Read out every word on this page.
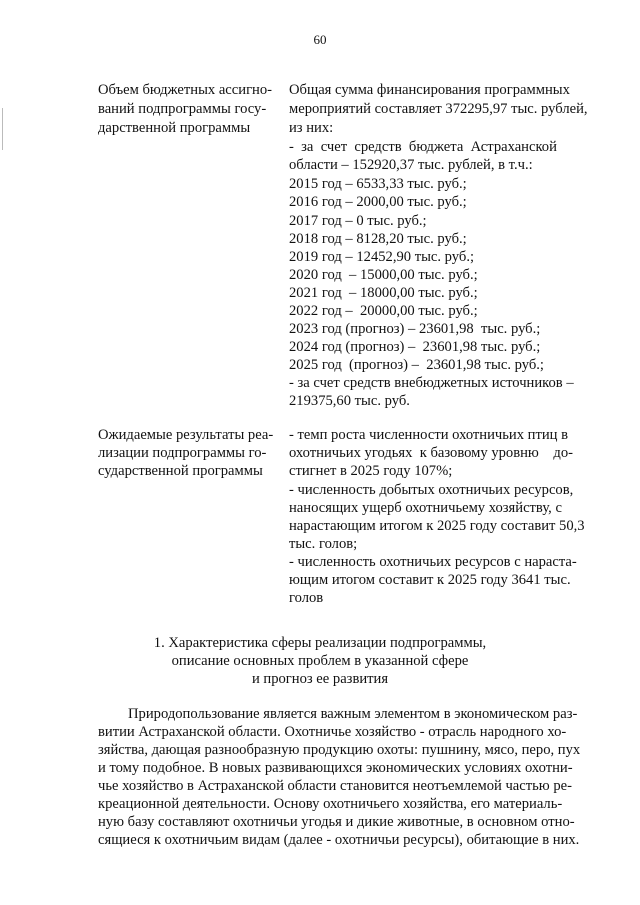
60
Объем бюджетных ассигно-
ваний подпрограммы госу-
дарственной программы
Общая сумма финансирования программных
мероприятий составляет 372295,97 тыс. рублей,
из них:
-  за  счет  средств  бюджета  Астраханской
области – 152920,37 тыс. рублей, в т.ч.:
2015 год – 6533,33 тыс. руб.;
2016 год – 2000,00 тыс. руб.;
2017 год – 0 тыс. руб.;
2018 год – 8128,20 тыс. руб.;
2019 год – 12452,90 тыс. руб.;
2020 год  – 15000,00 тыс. руб.;
2021 год  – 18000,00 тыс. руб.;
2022 год –  20000,00 тыс. руб.;
2023 год (прогноз) – 23601,98  тыс. руб.;
2024 год (прогноз) –  23601,98 тыс. руб.;
2025 год  (прогноз) –  23601,98 тыс. руб.;
- за счет средств внебюджетных источников –
219375,60 тыс. руб.
Ожидаемые результаты реа-
лизации подпрограммы го-
сударственной программы
- темп роста численности охотничьих птиц в
охотничьих угодьях  к базовому уровню    до-
стигнет в 2025 году 107%;
- численность добытых охотничьих ресурсов,
наносящих ущерб охотничьему хозяйству, с
нарастающим итогом к 2025 году составит 50,3
тыс. голов;
- численность охотничьих ресурсов с нараста-
ющим итогом составит к 2025 году 3641 тыс.
голов
1. Характеристика сферы реализации подпрограммы,
описание основных проблем в указанной сфере
и прогноз ее развития
Природопользование является важным элементом в экономическом раз-
витии Астраханской области. Охотничье хозяйство - отрасль народного хо-
зяйства, дающая разнообразную продукцию охоты: пушнину, мясо, перо, пух
и тому подобное. В новых развивающихся экономических условиях охотни-
чье хозяйство в Астраханской области становится неотъемлемой частью ре-
креационной деятельности. Основу охотничьего хозяйства, его материаль-
ную базу составляют охотничьи угодья и дикие животные, в основном отно-
сящиеся к охотничьим видам (далее - охотничьи ресурсы), обитающие в них.
